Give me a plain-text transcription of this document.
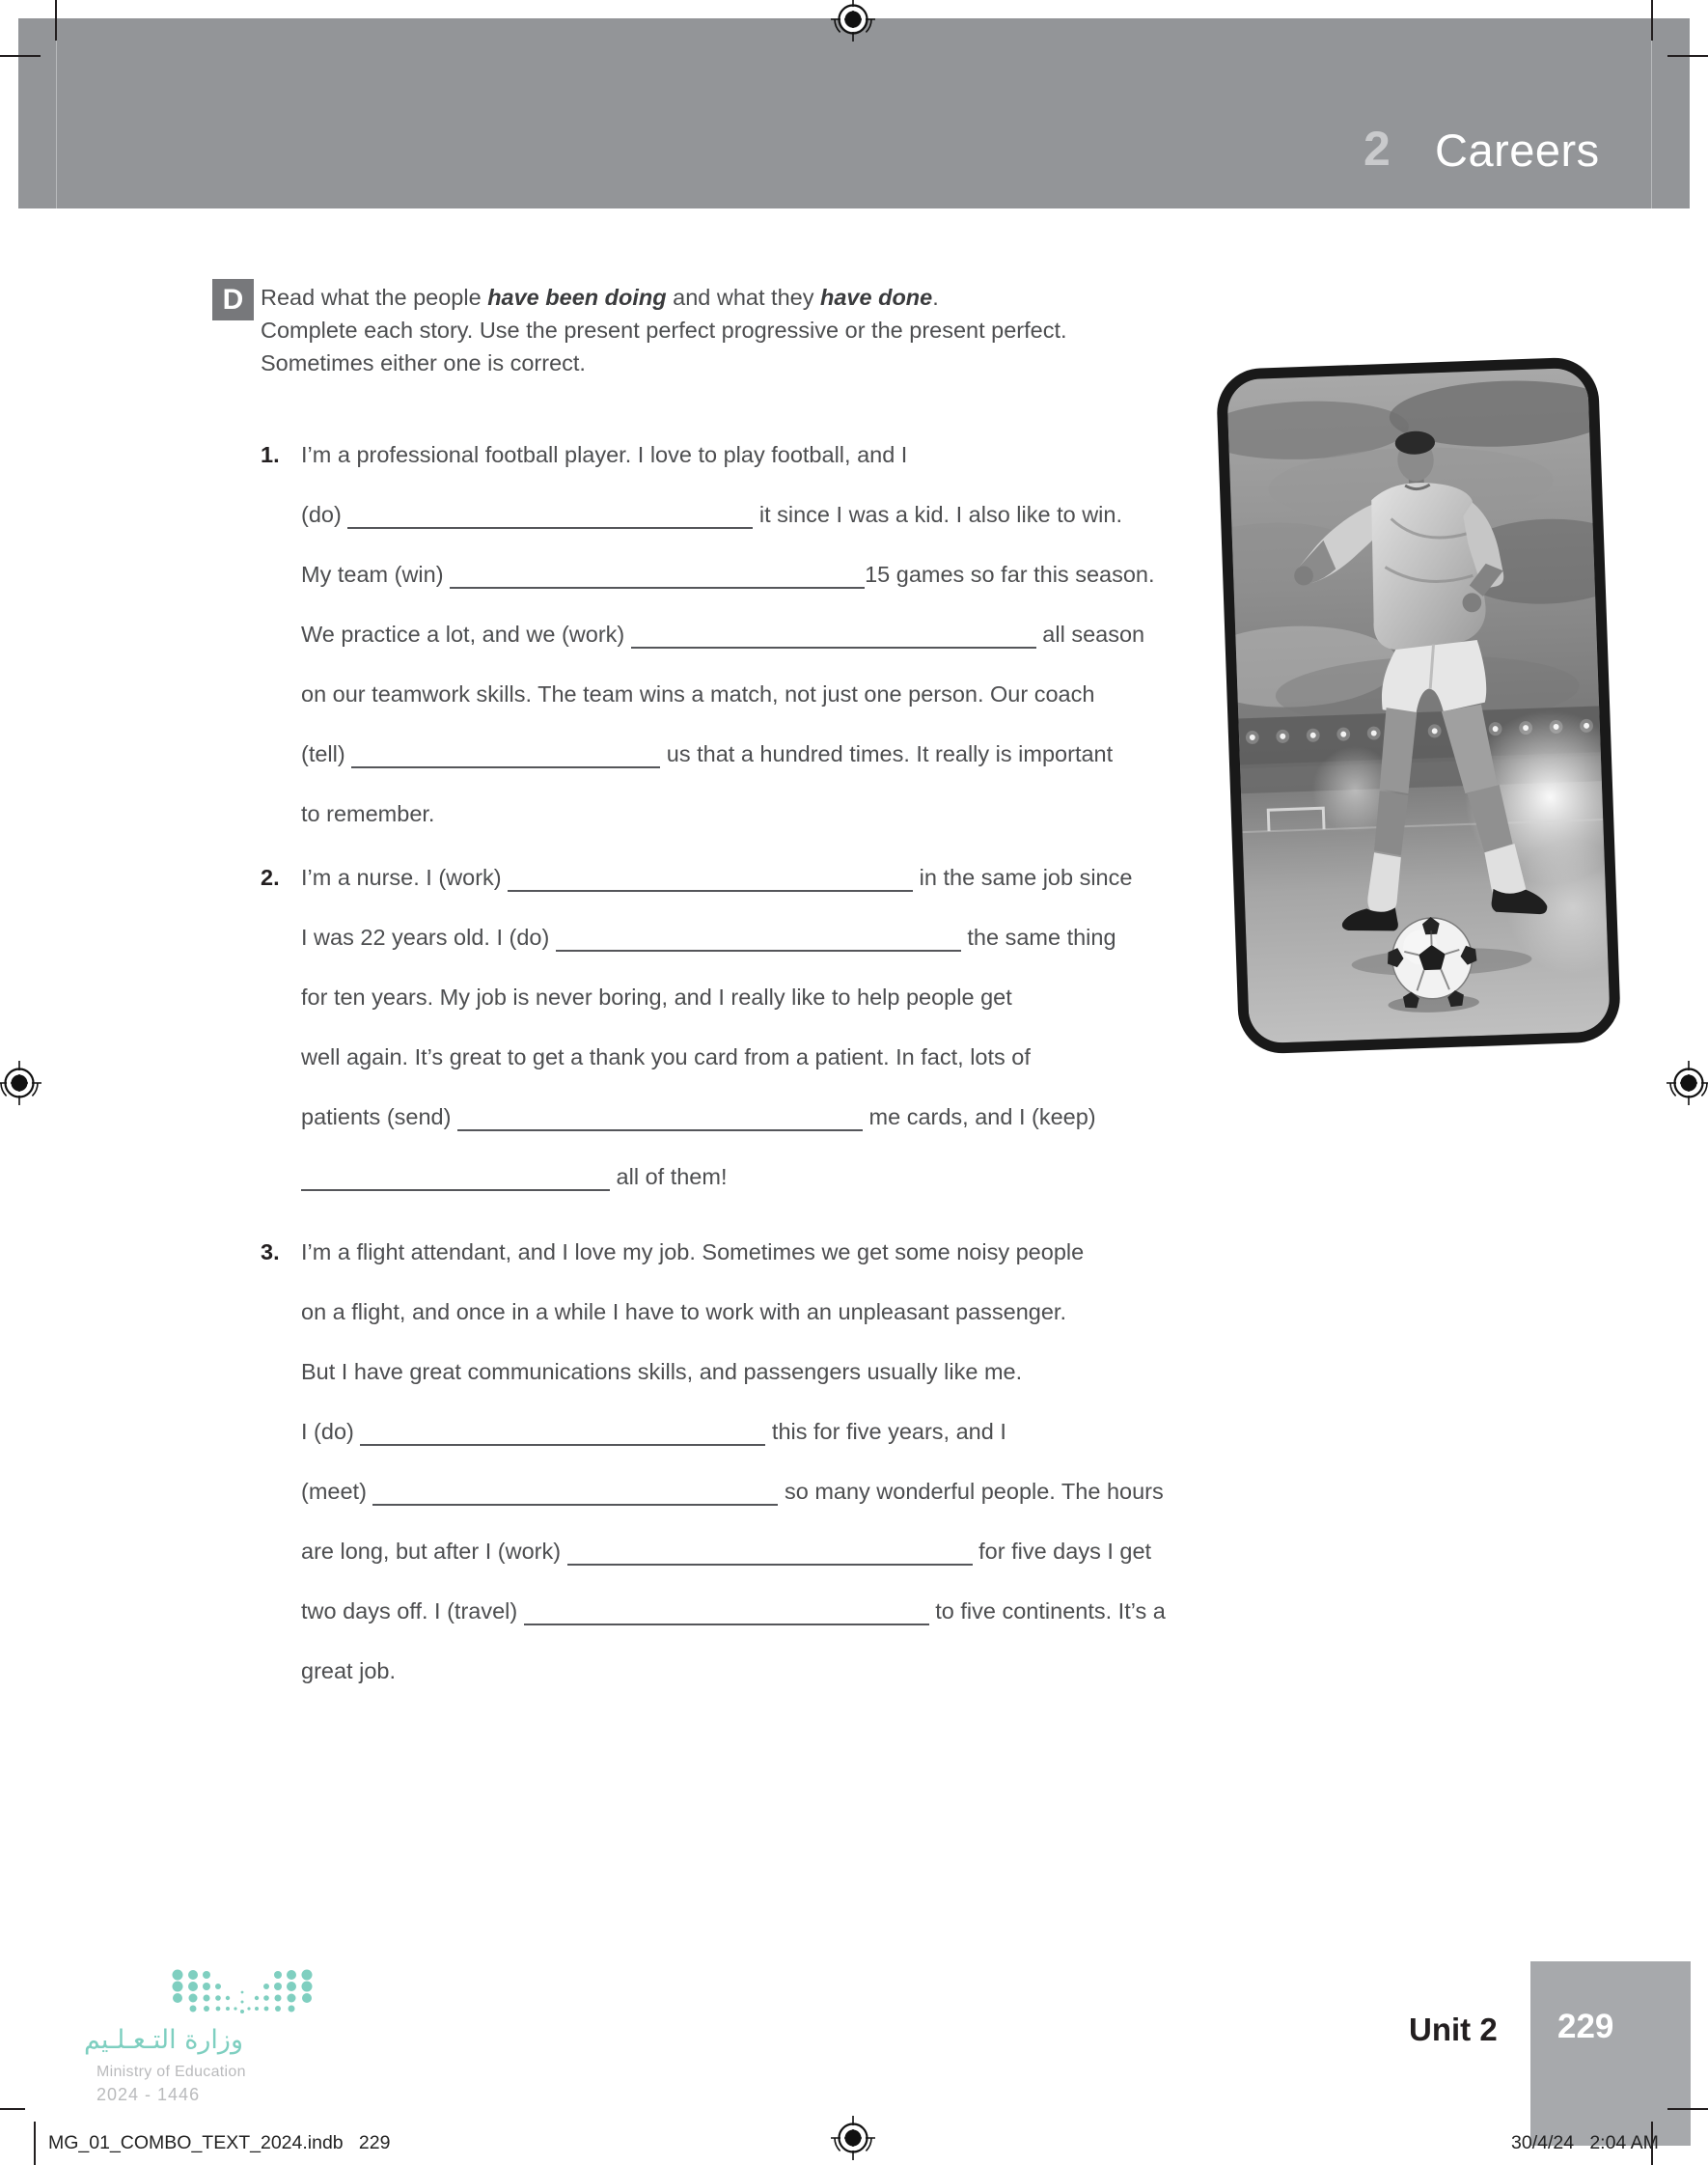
2 Careers
D Read what the people have been doing and what they have done.
Complete each story. Use the present perfect progressive or the present perfect.
Sometimes either one is correct.
1. I’m a professional football player. I love to play football, and I
(do)	it since I was a kid. I also like to win.
My team (win)	15 games so far this season.
We practice a lot, and we (work)	all season
on our teamwork skills. The team wins a match, not just one person. Our coach
(tell)	us that a hundred times. It really is important
to remember.
2. I’m a nurse. I (work)	in the same job since
I was 22 years old. I (do)	the same thing
for ten years. My job is never boring, and I really like to help people get
well again. It’s great to get a thank you card from a patient. In fact, lots of
patients (send)	me cards, and I (keep)
all of them!
3. I’m a flight attendant, and I love my job. Sometimes we get some noisy people
on a flight, and once in a while I have to work with an unpleasant passenger.
But I have great communications skills, and passengers usually like me.
I (do)	this for five years, and I
(meet)	so many wonderful people. The hours
are long, but after I (work)	for five days I get
two days off. I (travel)	to five continents. It’s a
great job.
Unit 2 229
وزارة التـعـلـيم
Ministry of Education
2024 - 1446
MG_01_COMBO_TEXT_2024.indb   229	30/4/24   2:04 AM
